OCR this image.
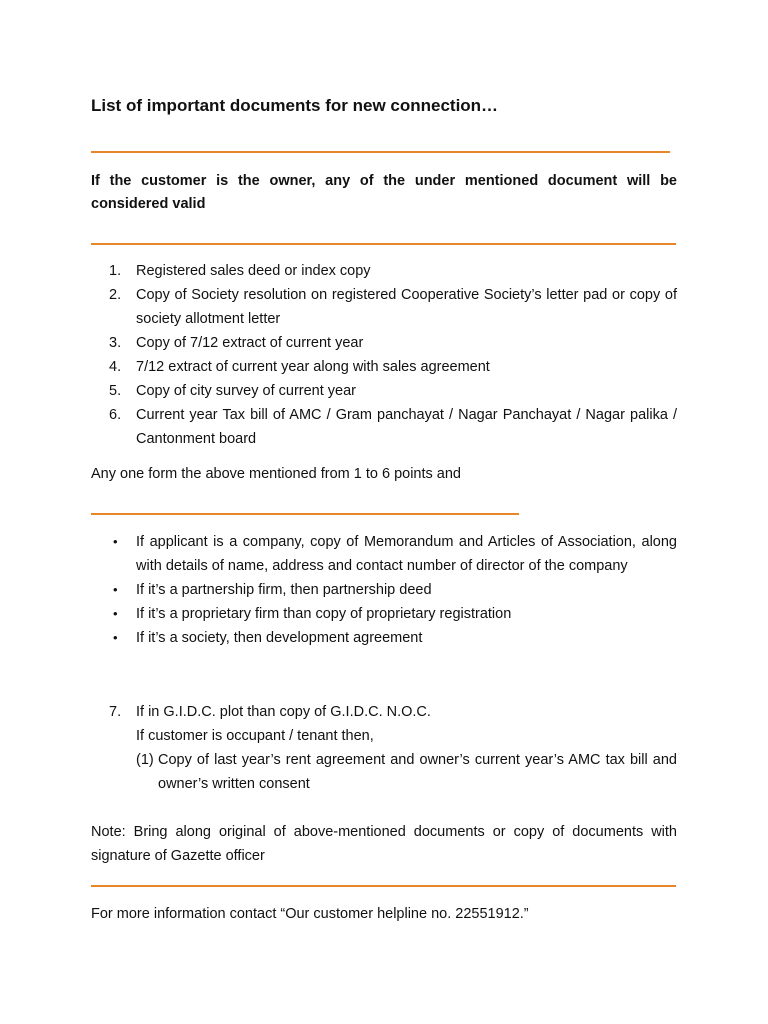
List of important documents for new connection…
If the customer is the owner, any of the under mentioned document will be considered valid
1. Registered sales deed or index copy
2. Copy of Society resolution on registered Cooperative Society’s letter pad or copy of society allotment letter
3. Copy of 7/12 extract of current year
4. 7/12 extract of current year along with sales agreement
5. Copy of city survey of current year
6. Current year Tax bill of AMC / Gram panchayat / Nagar Panchayat / Nagar palika / Cantonment board
Any one form the above mentioned from 1 to 6 points and
• If applicant is a company, copy of Memorandum and Articles of Association, along with details of name, address and contact number of director of the company
• If it’s a partnership firm, then partnership deed
• If it’s a proprietary firm than copy of proprietary registration
• If it’s a society, then development agreement
7. If in G.I.D.C. plot than copy of G.I.D.C. N.O.C.
If customer is occupant / tenant then,
(1) Copy of last year’s rent agreement and owner’s current year’s AMC tax bill and owner’s written consent
Note: Bring along original of above-mentioned documents or copy of documents with signature of Gazette officer
For more information contact “Our customer helpline no. 22551912.”
